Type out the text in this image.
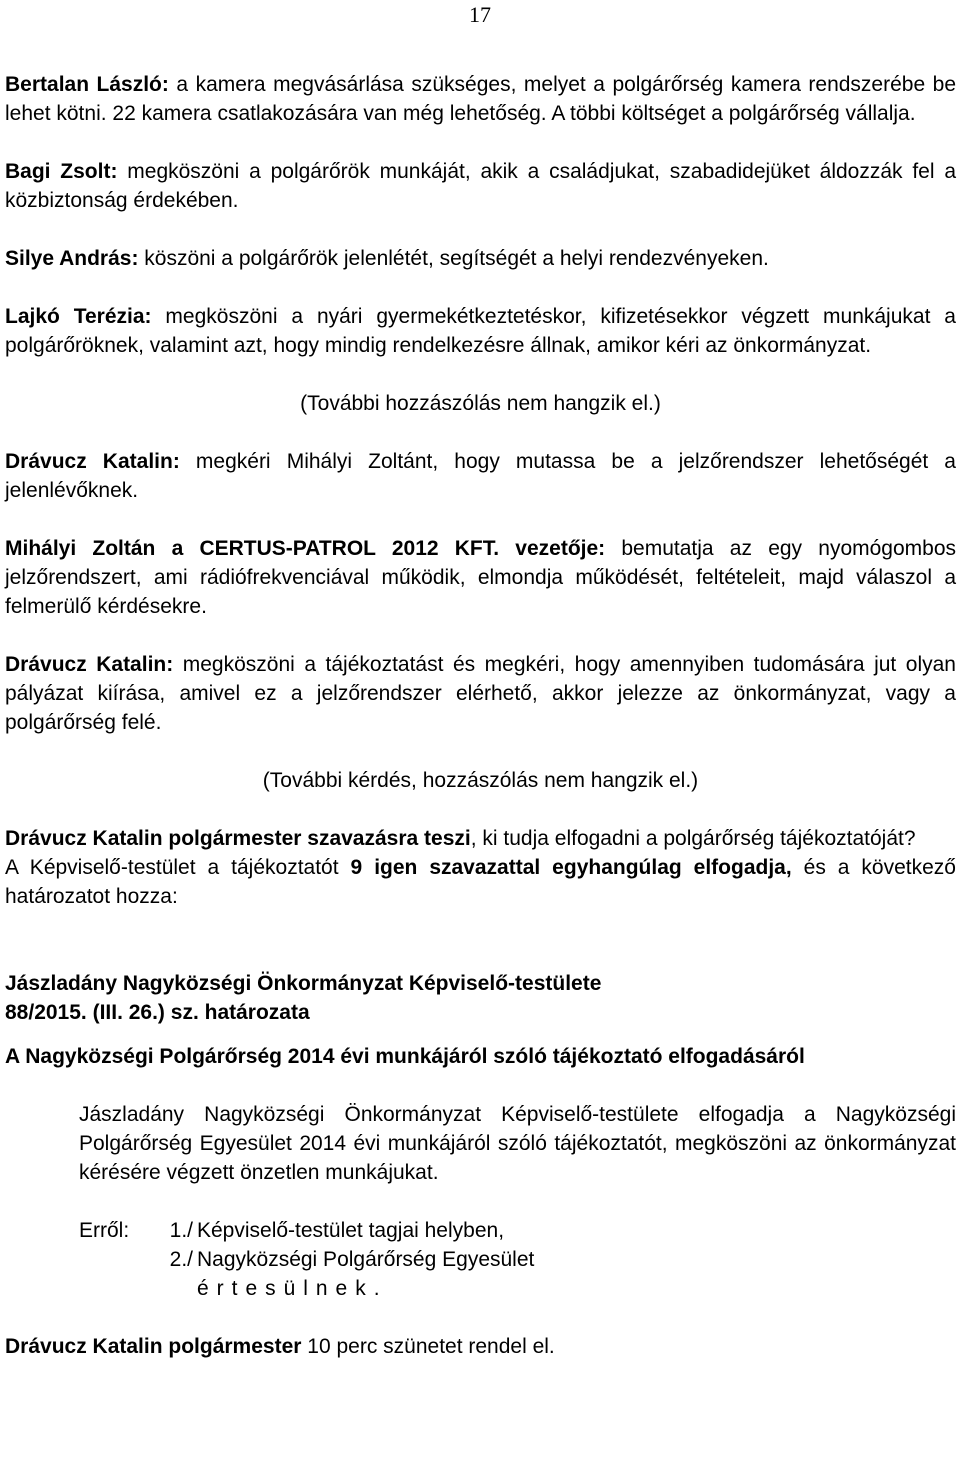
17

Bertalan László: a kamera megvásárlása szükséges, melyet a polgárőrség kamera rendszerébe be lehet kötni. 22 kamera csatlakozására van még lehetőség. A többi költséget a polgárőrség vállalja.

Bagi Zsolt: megköszöni a polgárőrök munkáját, akik a családjukat, szabadidejüket áldozzák fel a közbiztonság érdekében.

Silye András: köszöni a polgárőrök jelenlétét, segítségét a helyi rendezvényeken.

Lajkó Terézia: megköszöni a nyári gyermekétkeztetéskor, kifizetésekkor végzett munkájukat a polgárőröknek, valamint azt, hogy mindig rendelkezésre állnak, amikor kéri az önkormányzat.

(További hozzászólás nem hangzik el.)

Drávucz Katalin: megkéri Mihályi Zoltánt, hogy mutassa be a jelzőrendszer lehetőségét a jelenlévőknek.

Mihályi Zoltán a CERTUS-PATROL 2012 KFT. vezetője: bemutatja az egy nyomógombos jelzőrendszert, ami rádiófrekvenciával működik, elmondja működését, feltételeit, majd válaszol a felmerülő kérdésekre.

Drávucz Katalin: megköszöni a tájékoztatást és megkéri, hogy amennyiben tudomására jut olyan pályázat kiírása, amivel ez a jelzőrendszer elérhető, akkor jelezze az önkormányzat, vagy a polgárőrség felé.

(További kérdés, hozzászólás nem hangzik el.)

Drávucz Katalin polgármester szavazásra teszi, ki tudja elfogadni a polgárőrség tájékoztatóját?

A Képviselő-testület a tájékoztatót 9 igen szavazattal egyhangúlag elfogadja, és a következő határozatot hozza:

Jászladány Nagyközségi Önkormányzat Képviselő-testülete

88/2015. (III. 26.) sz. határozata

A Nagyközségi Polgárőrség 2014 évi munkájáról szóló tájékoztató elfogadásáról

Jászladány Nagyközségi Önkormányzat Képviselő-testülete elfogadja a Nagyközségi Polgárőrség Egyesület 2014 évi munkájáról szóló tájékoztatót, megköszöni az önkormányzat kérésére végzett önzetlen munkájukat.

Erről:	1./ Képviselő-testület tagjai helyben,
2./ Nagyközségi Polgárőrség Egyesület
értesülnek.

Drávucz Katalin polgármester 10 perc szünetet rendel el.
